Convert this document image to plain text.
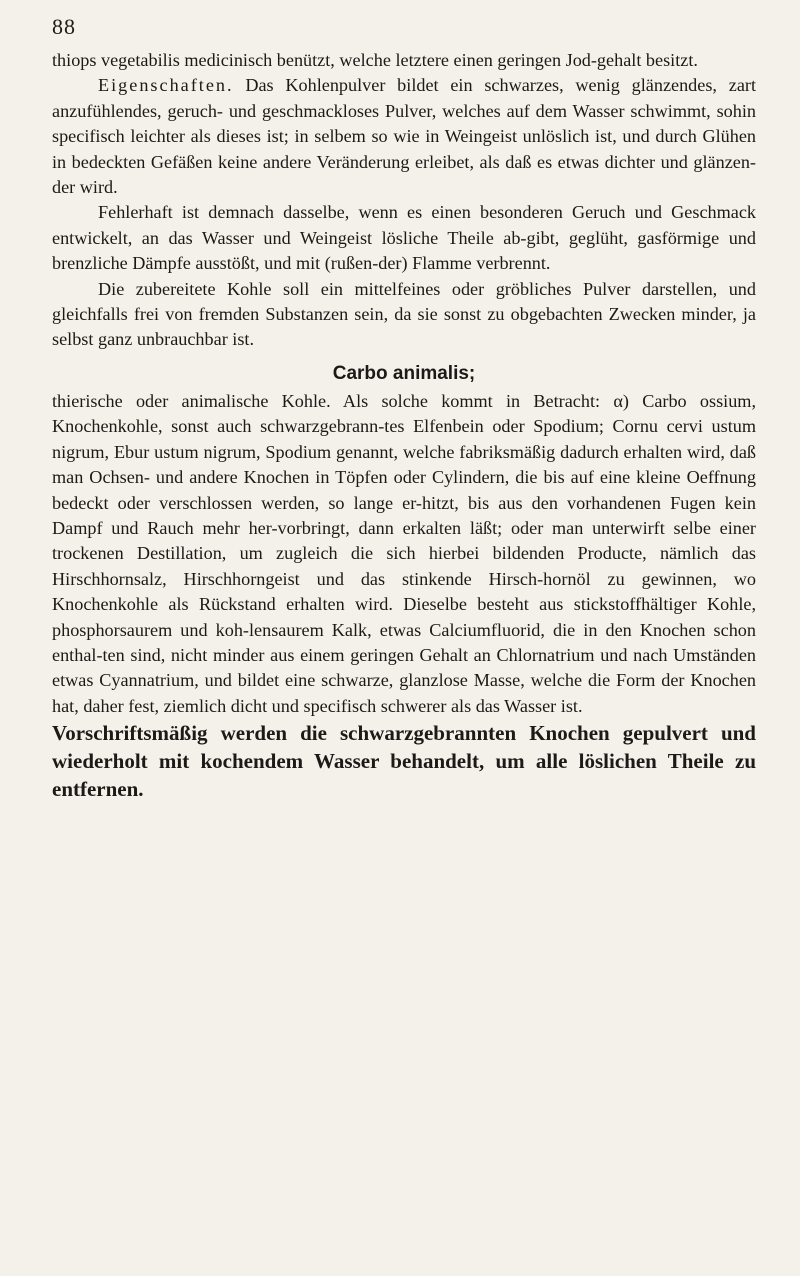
88

thiops vegetabilis medicinisch benützt, welche letztere einen geringen Jod-gehalt besitzt.

Eigenschaften. Das Kohlenpulver bildet ein schwarzes, wenig glänzendes, zart anzufühlendes, geruch- und geschmackloses Pulver, welches auf dem Wasser schwimmt, sohin specifisch leichter als dieses ist; in selbem so wie in Weingeist unlöslich ist, und durch Glühen in bedeckten Gefäßen keine andere Veränderung erleibet, als daß es etwas dichter und glänzen-der wird.

Fehlerhaft ist demnach dasselbe, wenn es einen besonderen Geruch und Geschmack entwickelt, an das Wasser und Weingeist lösliche Theile ab-gibt, geglüht, gasförmige und brenzliche Dämpfe ausstößt, und mit (rußen-der) Flamme verbrennt.

Die zubereitete Kohle soll ein mittelfeines oder gröbliches Pulver darstellen, und gleichfalls frei von fremden Substanzen sein, da sie sonst zu obgebachten Zwecken minder, ja selbst ganz unbrauchbar ist.

Carbo animalis;

thierische oder animalische Kohle. Als solche kommt in Betracht: α) Carbo ossium, Knochenkohle, sonst auch schwarzgebrann-tes Elfenbein oder Spodium; Cornu cervi ustum nigrum, Ebur ustum nigrum, Spodium genannt, welche fabriksmäßig dadurch erhalten wird, daß man Ochsen- und andere Knochen in Töpfen oder Cylindern, die bis auf eine kleine Oeffnung bedeckt oder verschlossen werden, so lange er-hitzt, bis aus den vorhandenen Fugen kein Dampf und Rauch mehr her-vorbringt, dann erkalten läßt; oder man unterwirft selbe einer trockenen Destillation, um zugleich die sich hierbei bildenden Producte, nämlich das Hirschhornsalz, Hirschhorngeist und das stinkende Hirsch-hornöl zu gewinnen, wo Knochenkohle als Rückstand erhalten wird. Dieselbe besteht aus stickstoffhältiger Kohle, phosphorsaurem und koh-lensaurem Kalk, etwas Calciumfluorid, die in den Knochen schon enthal-ten sind, nicht minder aus einem geringen Gehalt an Chlornatrium und nach Umständen etwas Cyannatrium, und bildet eine schwarze, glanzlose Masse, welche die Form der Knochen hat, daher fest, ziemlich dicht und specifisch schwerer als das Wasser ist.

Vorschriftsmäßig werden die schwarzgebrannten Knochen gepulvert und wiederholt mit kochendem Wasser behandelt, um alle löslichen Theile zu entfernen.
